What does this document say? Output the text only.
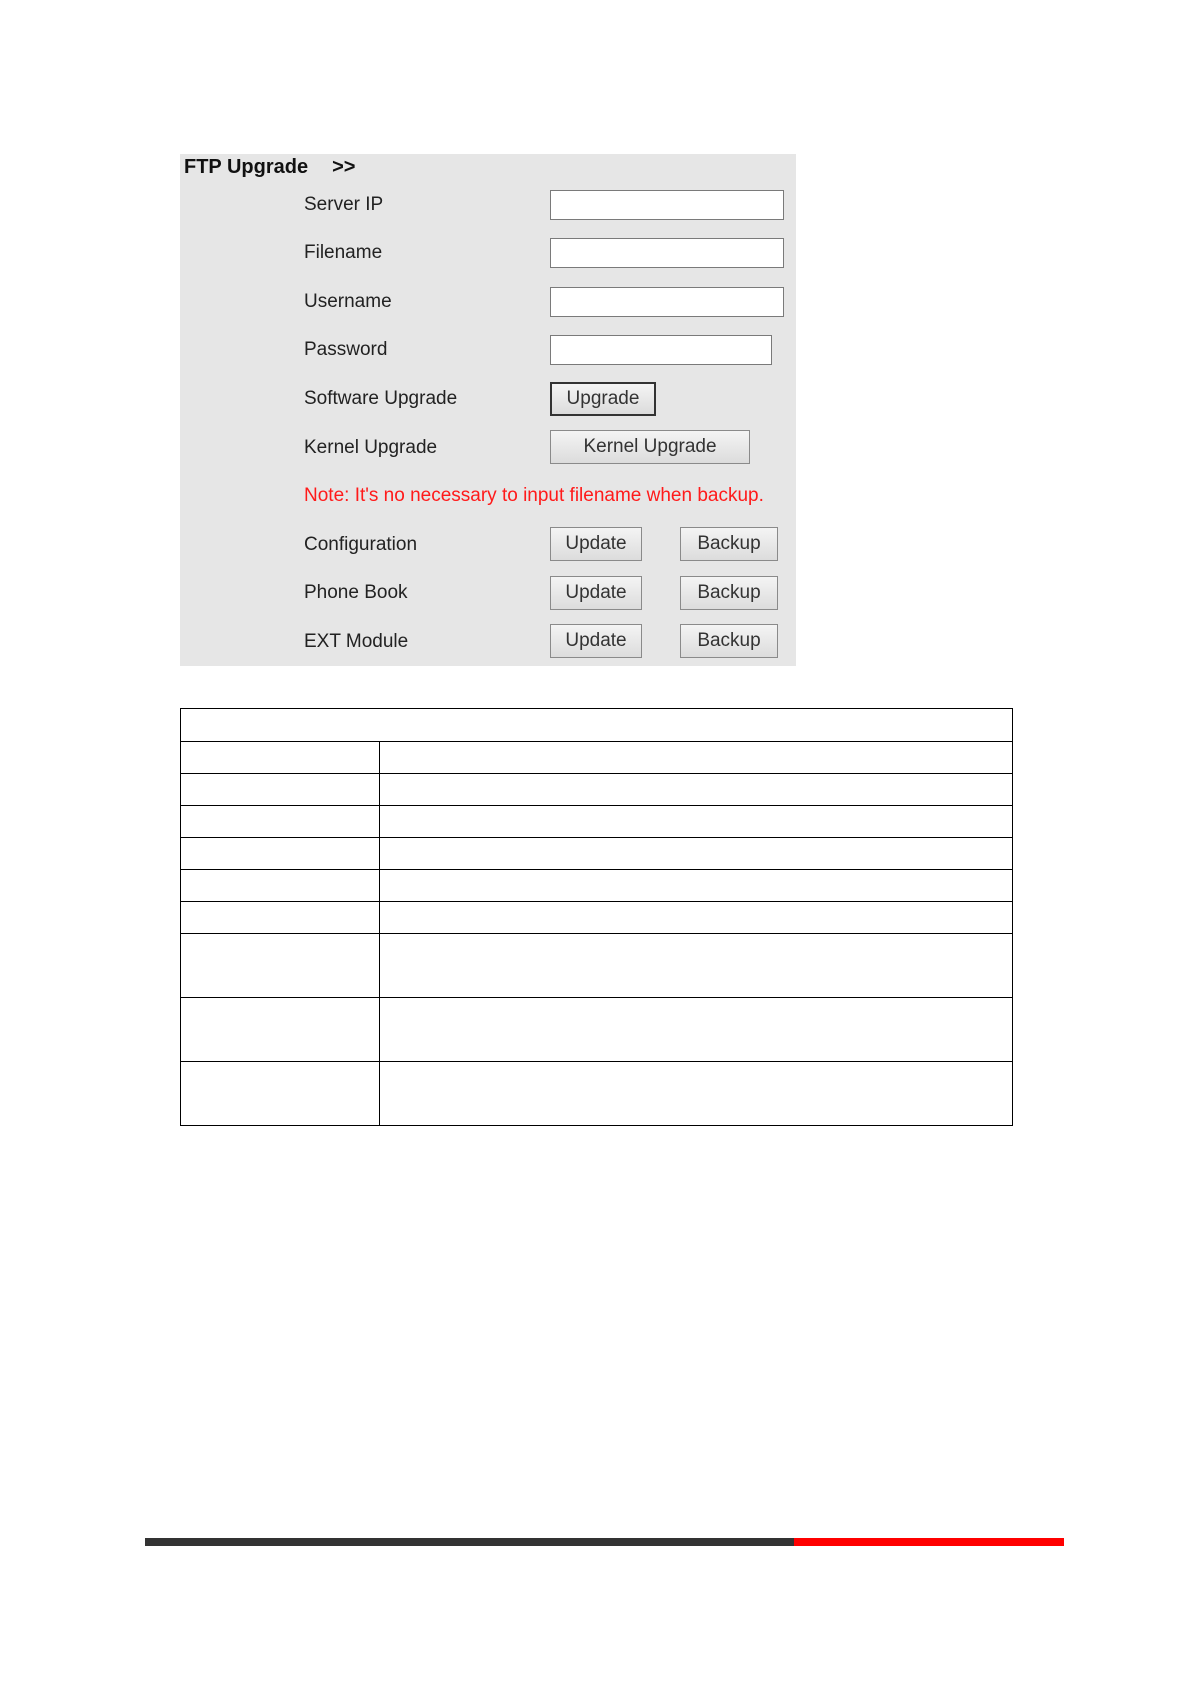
FTP Upgrade >>
Server IP
Filename
Username
Password
Software Upgrade	Upgrade
Kernel Upgrade	Kernel Upgrade
Note: It's no necessary to input filename when backup.
Configuration	Update	Backup
Phone Book	Update	Backup
EXT Module	Update	Backup
